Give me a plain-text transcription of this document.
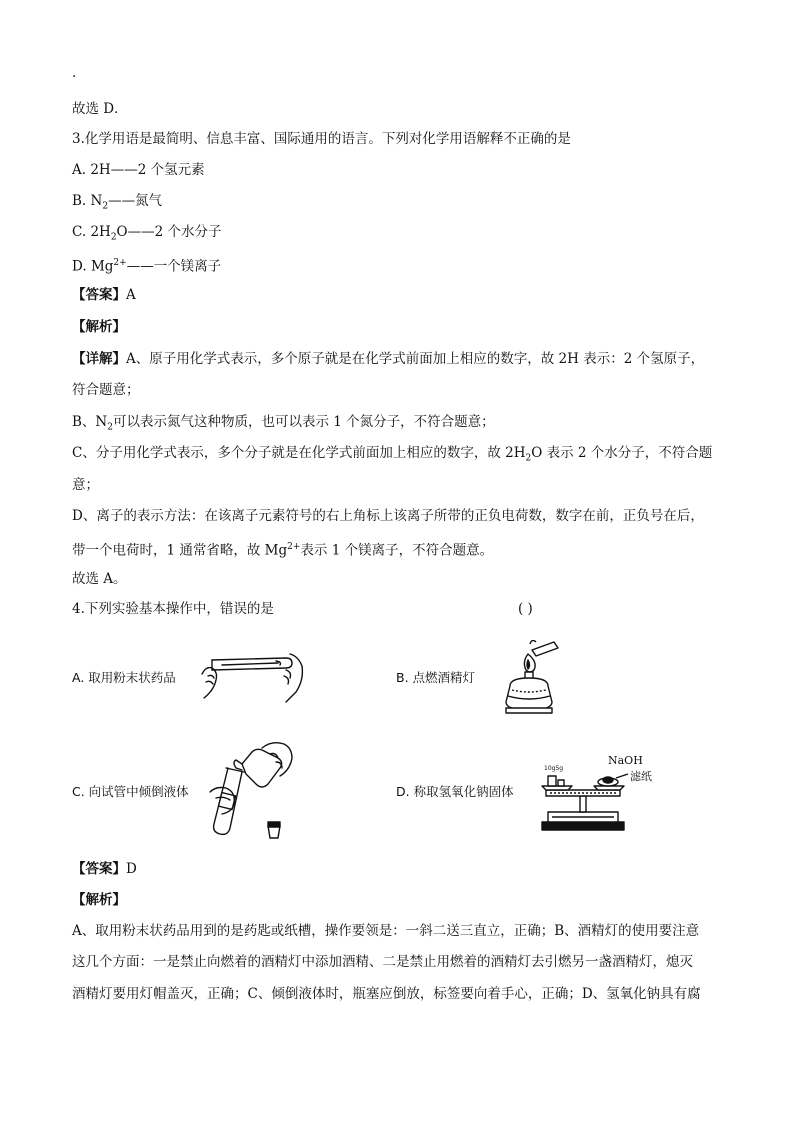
·
故选 D．
3.化学用语是最简明、信息丰富、国际通用的语言。下列对化学用语解释不正确的是
A. 2H——2 个氢元素
B. $N_2——$氮气
C. $2H_2O——2$ 个水分子
D. $Mg^{2+}——$一个镁离子
【答案】A
【解析】
【详解】A、原子用化学式表示，多个原子就是在化学式前面加上相应的数字，故 2H 表示：2 个氢原子，
符合题意；
B、$N_2$可以表示氮气这种物质，也可以表示 1 个氮分子，不符合题意；
C、分子用化学式表示，多个分子就是在化学式前面加上相应的数字，故 $2H_2O$ 表示 2 个水分子，不符合题
意；
D、离子的表示方法：在该离子元素符号的右上角标上该离子所带的正负电荷数，数字在前，正负号在后，
带一个电荷时，1 通常省略，故 $Mg^{2+}$表示 1 个镁离子，不符合题意。
故选 A。
4.下列实验基本操作中，错误的是	( )
A. 取用粉末状药品	B. 点燃酒精灯
C. 向试管中倾倒液体	D. 称取氢氧化钠固体
10g5g
NaOH
滤纸
【答案】D
【解析】
A、取用粉末状药品用到的是药匙或纸槽，操作要领是：一斜二送三直立，正确；B、酒精灯的使用要注意
这几个方面：一是禁止向燃着的酒精灯中添加酒精、二是禁止用燃着的酒精灯去引燃另一盏酒精灯，熄灭
酒精灯要用灯帽盖灭，正确；C、倾倒液体时，瓶塞应倒放，标签要向着手心，正确；D、氢氧化钠具有腐
